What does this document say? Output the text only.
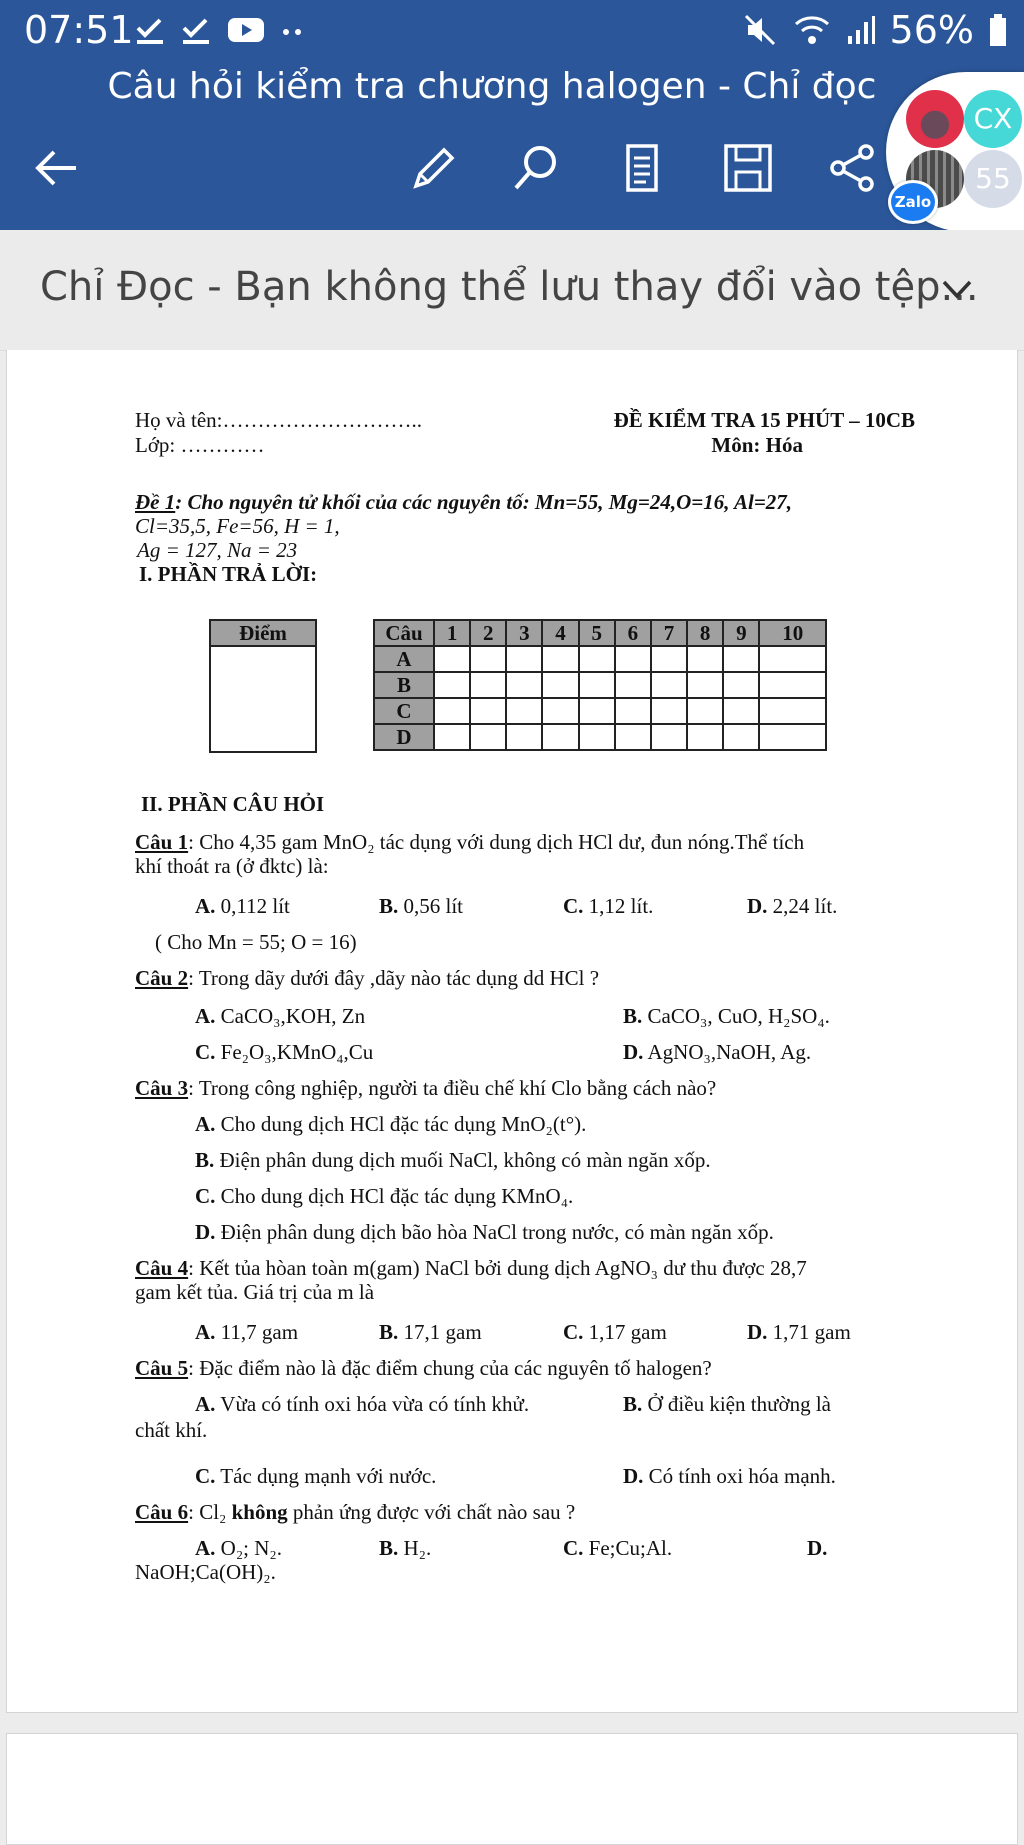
07:51	56%
Câu hỏi kiểm tra chương halogen - Chỉ đọc
CX
55
Zalo
Chỉ Đọc - Bạn không thể lưu thay đổi vào tệp...
Họ và tên:………………………..	ĐỀ KIỂM TRA 15 PHÚT – 10CB
Lớp: …………	Môn: Hóa
Đề 1: Cho nguyên tử khối của các nguyên tố: Mn=55, Mg=24,O=16, Al=27,
Cl=35,5, Fe=56, H = 1,
Ag = 127, Na = 23
I. PHẦN TRẢ LỜI:
Điểm	Câu	1	2	3	4	5	6	7	8	9	10
A										
B										
C										
D										
II. PHẦN CÂU HỎI
Câu 1: Cho 4,35 gam MnO₂ tác dụng với dung dịch HCl dư, đun nóng.Thể tích
khí thoát ra (ở đktc) là:
A. 0,112 lít	B. 0,56 lít	C. 1,12 lít.	D. 2,24 lít.
( Cho Mn = 55; O = 16)
Câu 2: Trong dãy dưới đây ,dãy nào tác dụng dd HCl ?
A. CaCO₃,KOH, Zn	B. CaCO₃, CuO, H₂SO₄.
C. Fe₂O₃,KMnO₄,Cu	D. AgNO₃,NaOH, Ag.
Câu 3: Trong công nghiệp, người ta điều chế khí Clo bằng cách nào?
A. Cho dung dịch HCl đặc tác dụng MnO₂(t°).
B. Điện phân dung dịch muối NaCl, không có màn ngăn xốp.
C. Cho dung dịch HCl đặc tác dụng KMnO₄.
D. Điện phân dung dịch bão hòa NaCl trong nước, có màn ngăn xốp.
Câu 4: Kết tủa hòan toàn m(gam) NaCl bởi dung dịch AgNO₃ dư thu được 28,7
gam kết tủa. Giá trị của m là
A. 11,7 gam	B. 17,1 gam	C. 1,17 gam	D. 1,71 gam
Câu 5: Đặc điểm nào là đặc điểm chung của các nguyên tố halogen?
A. Vừa có tính oxi hóa vừa có tính khử.	B. Ở điều kiện thường là
C. Tác dụng mạnh với nước.	D. Có tính oxi hóa mạnh.
chất khí.
Câu 6: Cl₂ không phản ứng được với chất nào sau ?
A. O₂; N₂.	B. H₂.	C. Fe;Cu;Al.	D.
NaOH;Ca(OH)₂.
